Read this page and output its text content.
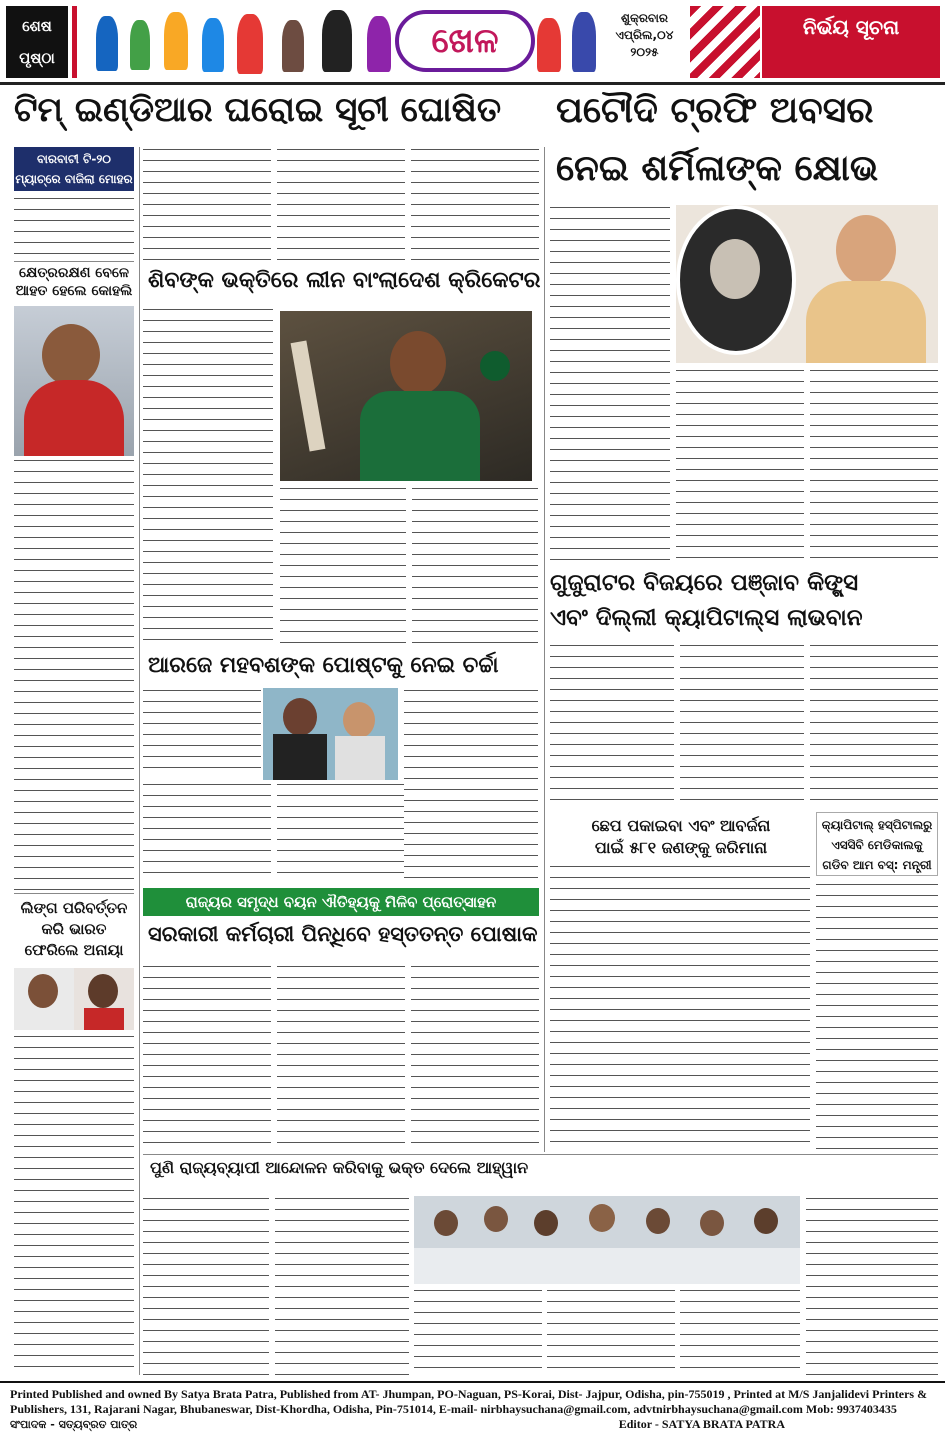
ଶେଷ ପୃଷ୍ଠା	ଖେଳ
ଶୁକ୍ରବାର
ଏପ୍ରିଲ,୦୪
୨୦୨୫
ନିର୍ଭୟ ସୂଚନା
ଟିମ୍ ଇଣ୍ଡିଆର ଘରୋଇ ସୂଚୀ ଘୋଷିତ ପଟୌଦି ଟ୍ରଫି ଅବସର
ନେଇ ଶର୍ମିଳାଙ୍କ କ୍ଷୋଭ
ବାରବାଟୀ ଟି-୨୦ ମ୍ୟାଚ୍‌ରେ ବାଜିଲା ମୋହର
କ୍ଷେତ୍ରରକ୍ଷଣ ବେଳେ ଆହତ ହେଲେ କୋହଲି
ଲିଙ୍ଗ ପରିବର୍ତ୍ତନ କରି ଭାରତ ଫେରିଲେ ଅନାୟା
ଶିବଙ୍କ ଭକ୍ତିରେ ଲୀନ ବାଂଲାଦେଶ କ୍ରିକେଟର
ଆରଜେ ମହବଶଙ୍କ ପୋଷ୍ଟକୁ ନେଇ ଚର୍ଚ୍ଚା
ରାଜ୍ୟର ସମୃଦ୍ଧ ବୟନ ଐତିହ୍ୟକୁ ମିଳିବ ପ୍ରୋତ୍ସାହନ
ସରକାରୀ କର୍ମଚାରୀ ପିନ୍ଧିବେ ହସ୍ତତନ୍ତ ପୋଷାକ
ଗୁଜୁରାଟର ବିଜୟରେ ପଞ୍ଜାବ କିଙ୍ଗ୍ସ
ଏବଂ ଦିଲ୍ଲୀ କ୍ୟାପିଟାଲ୍ସ ଲାଭବାନ
ଛେପ ପକାଇବା ଏବଂ ଆବର୍ଜନା
ପାଇଁ ୫୮୧ ଜଣଙ୍କୁ ଜରିମାନା
କ୍ୟାପିଟାଲ୍ ହସ୍ପିଟାଲରୁ ଏସସିବି ମେଡିକାଲକୁ ଗଡିବ ଆମ ବସ୍: ମନ୍ତ୍ରୀ
ପୁଣି ରାଜ୍ୟବ୍ୟାପୀ ଆନ୍ଦୋଳନ କରିବାକୁ ଭକ୍ତ ଦେଲେ ଆହ୍ୱାନ
Printed Published and owned By Satya Brata Patra, Published from AT- Jhumpan, PO-Naguan, PS-Korai, Dist- Jajpur, Odisha, pin-755019 , Printed at M/S Janjalidevi Printers &
Publishers, 131, Rajarani Nagar, Bhubaneswar, Dist-Khordha, Odisha, Pin-751014, E-mail- nirbhaysuchana@gmail.com, advtnirbhaysuchana@gmail.com Mob: 9937403435
ସଂପାଦକ - ସତ୍ୟବ୍ରତ ପାତ୍ର	Editor - SATYA BRATA PATRA
